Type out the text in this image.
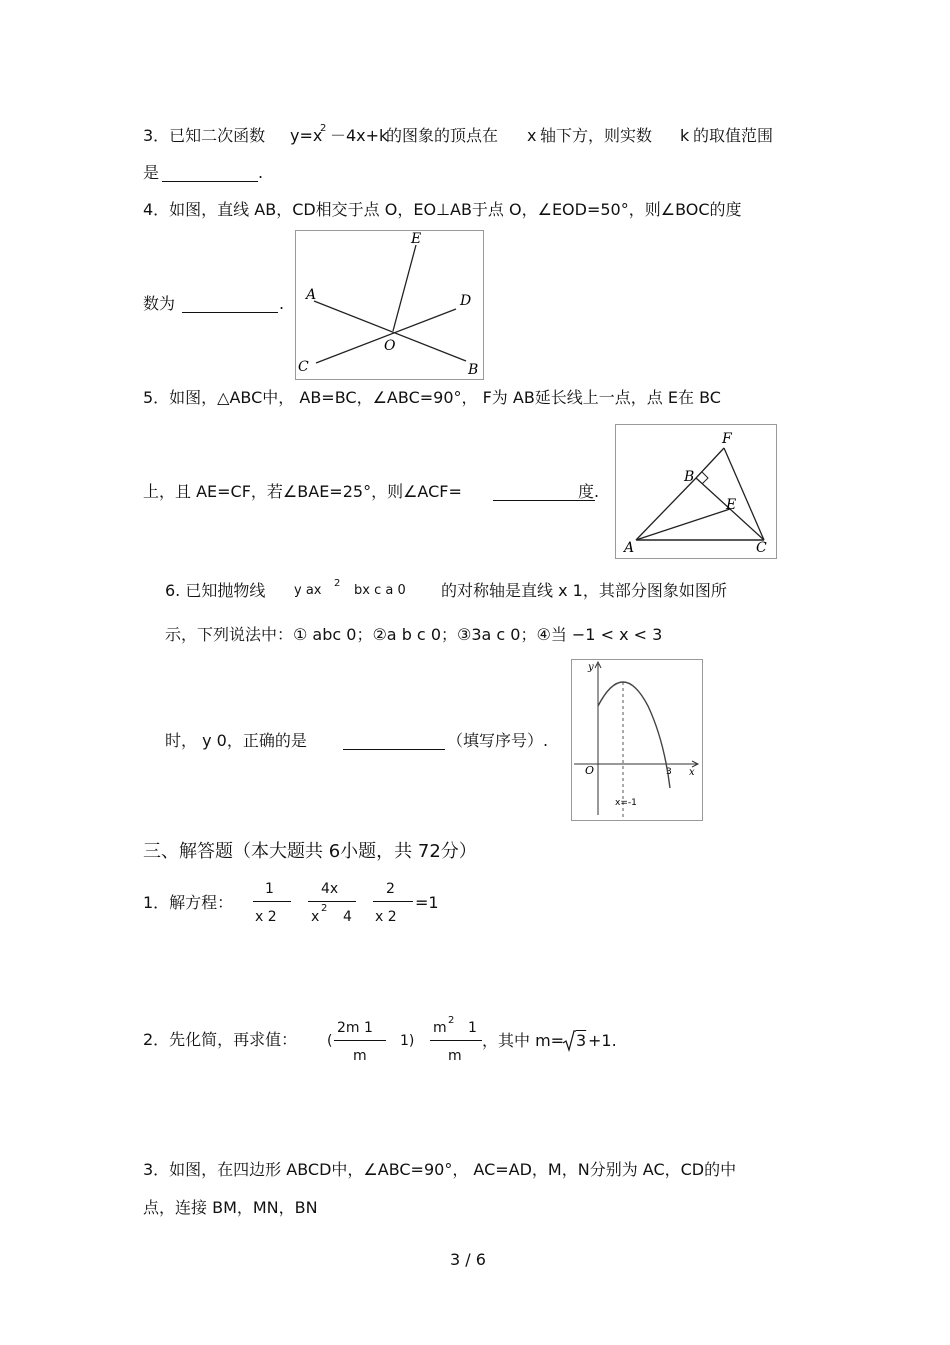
3．已知二次函数 y=x
2 －4x+k
的图象的顶点在 x 轴下方，则实数 k 的取值范围
是	.
4．如图，直线 AB，CD相交于点 O，EO⊥AB于点 O，∠EOD=50°，则∠BOC的度
数为	.
E
A	D
O
C	B
5．如图，△ABC中， AB=BC，∠ABC=90°， F为 AB延长线上一点，点 E在 BC
上，且 AE=CF，若∠BAE=25°，则∠ACF=	度.
F
B
E
A	C
6. 已知抛物线 y ax 2 bx c a 0 的对称轴是直线 x 1，其部分图象如图所
示，下列说法中：① abc 0；②a b c 0；③3a c 0；④当 −1 < x < 3
时， y 0，正确的是	（填写序号）.
y
O	x
3
x=-1
三、解答题（本大题共 6小题，共 72分）
1．解方程：
1
x 2
4x
x
2
4
2
x 2
=1
2．先化简，再求值： (
2m 1
m
1)
m 2 1
m
，其中 m= 3 +1.
3．如图，在四边形 ABCD中，∠ABC=90°， AC=AD，M，N分别为 AC，CD的中
点，连接 BM，MN，BN
3 / 6
